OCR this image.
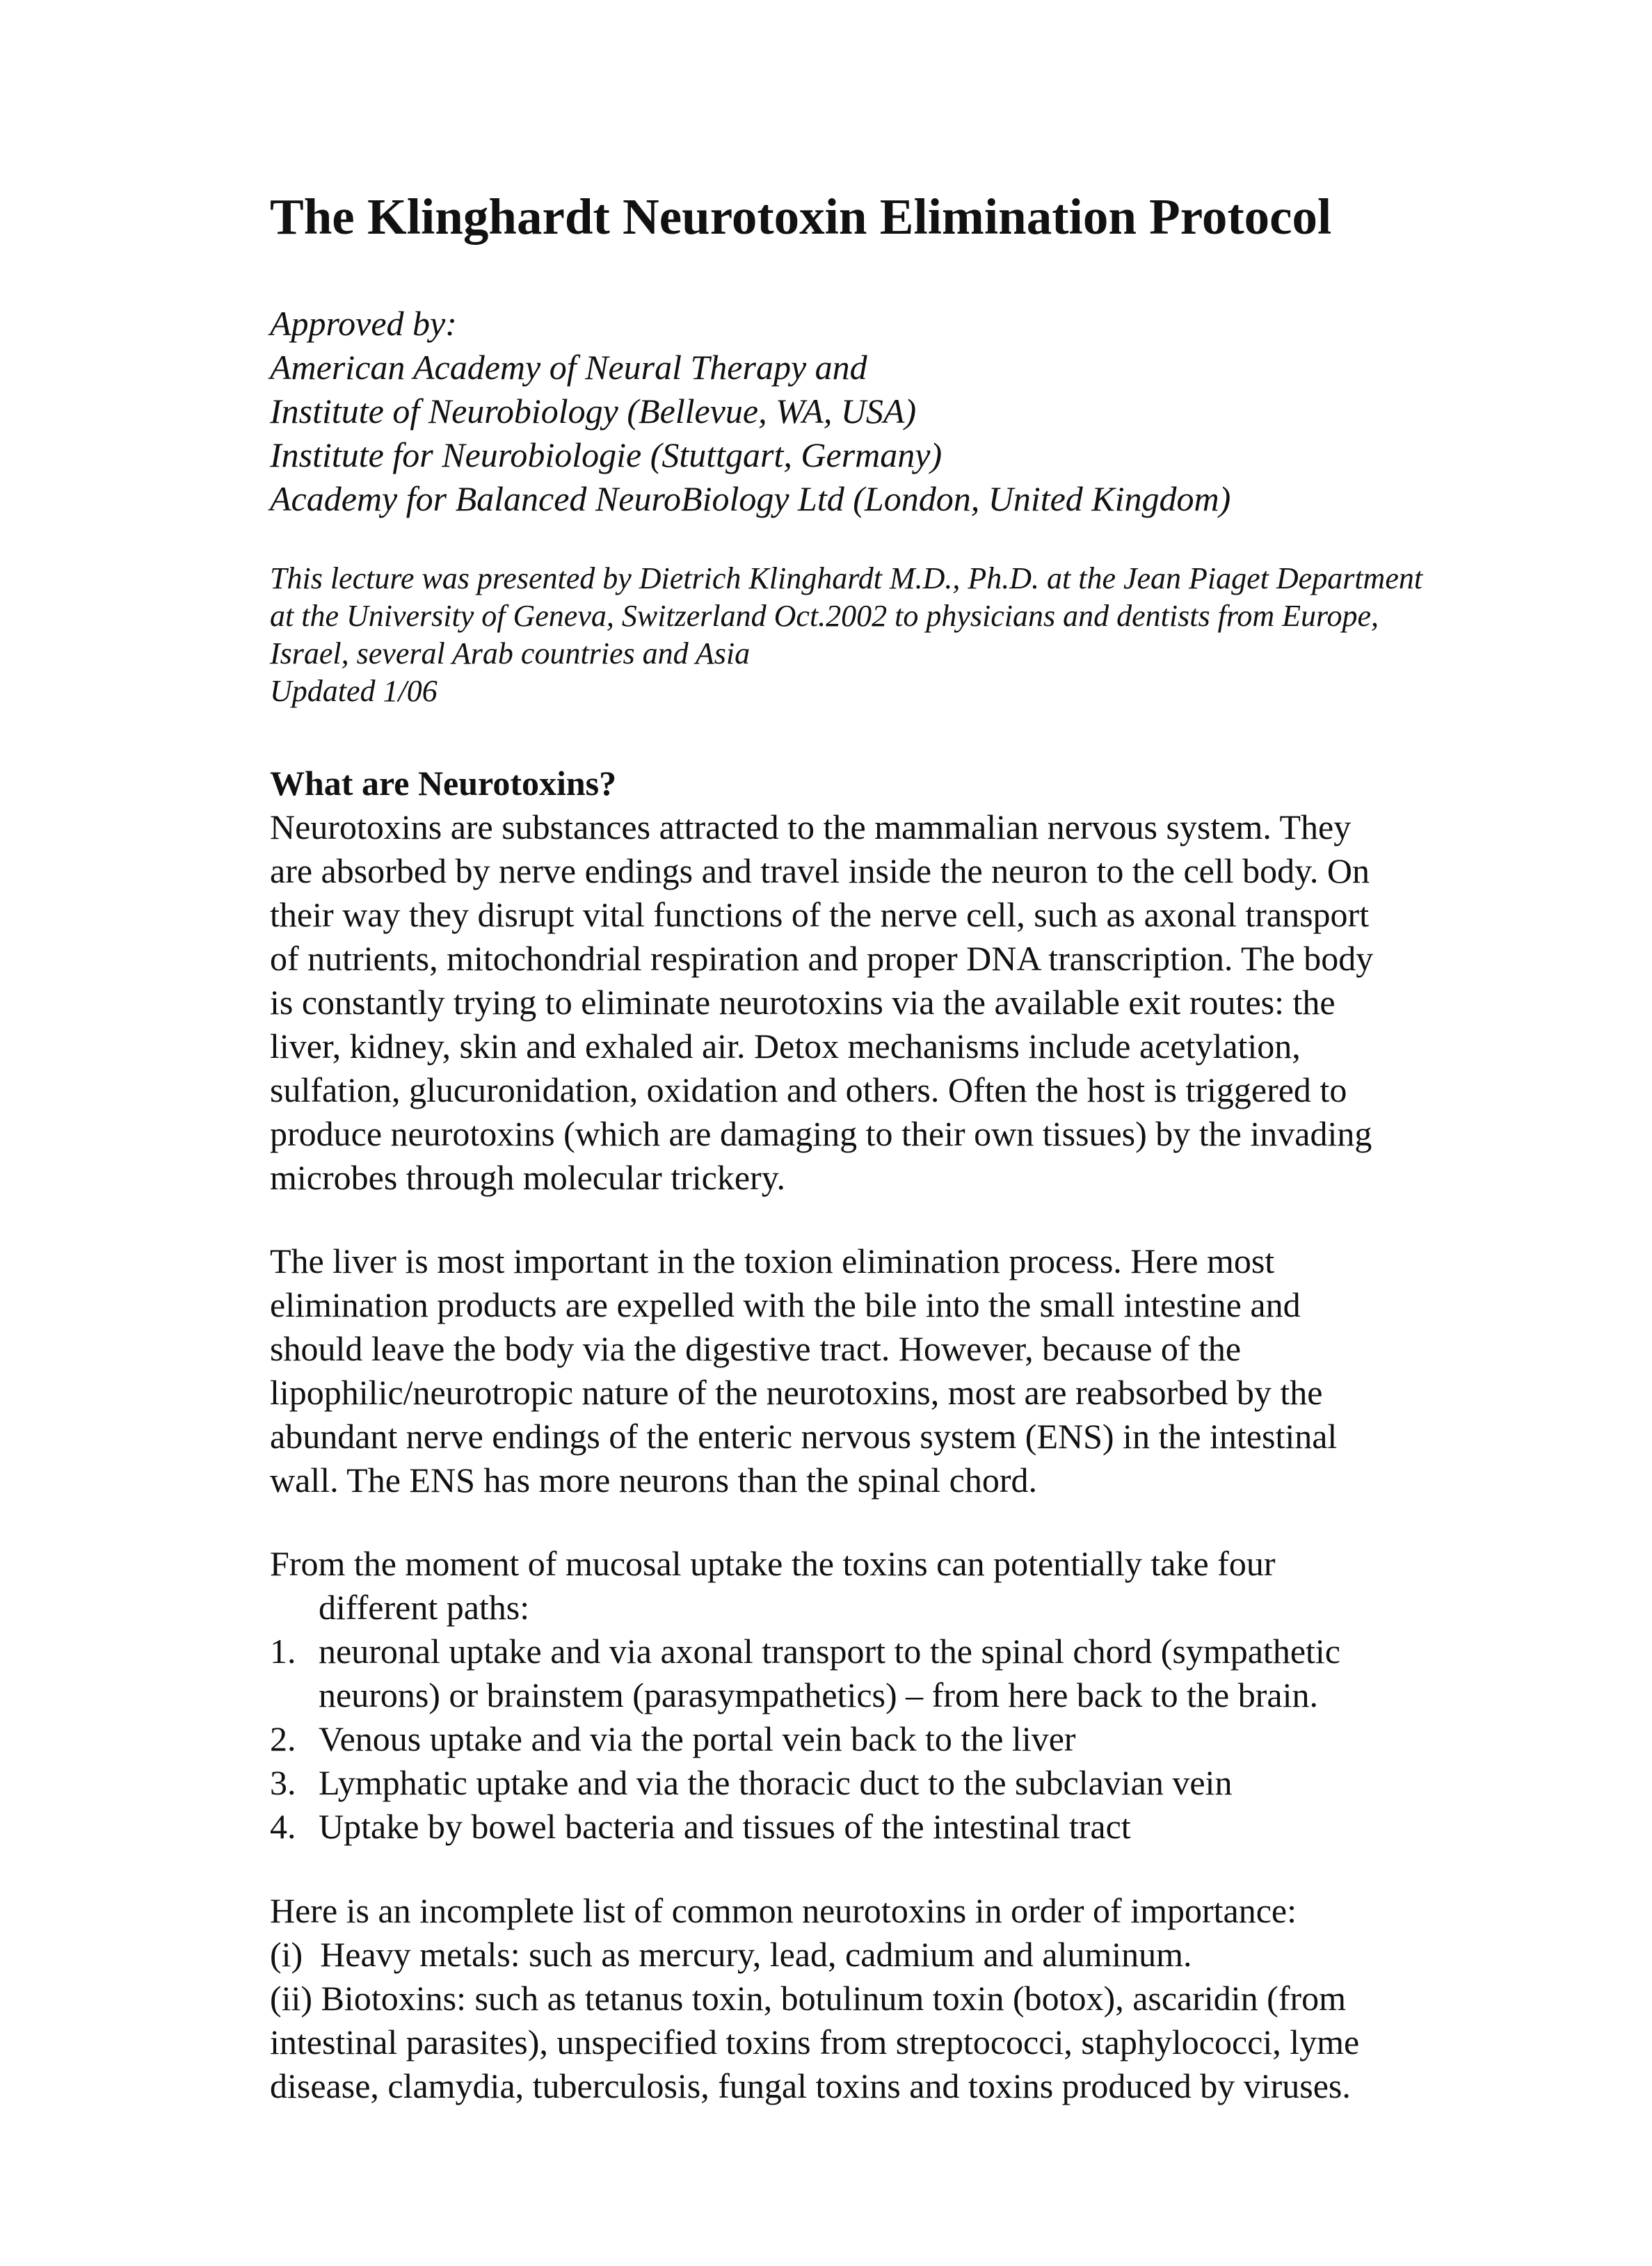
The Klinghardt Neurotoxin Elimination Protocol
Approved by:
American Academy of Neural Therapy and
Institute of Neurobiology (Bellevue, WA, USA)
Institute for Neurobiologie (Stuttgart, Germany)
Academy for Balanced NeuroBiology Ltd (London, United Kingdom)
This lecture was presented by Dietrich Klinghardt M.D., Ph.D. at the Jean Piaget Department
at the University of Geneva, Switzerland Oct.2002 to physicians and dentists from Europe,
Israel, several Arab countries and Asia
Updated 1/06
What are Neurotoxins?
Neurotoxins are substances attracted to the mammalian nervous system. They
are absorbed by nerve endings and travel inside the neuron to the cell body. On
their way they disrupt vital functions of the nerve cell, such as axonal transport
of nutrients, mitochondrial respiration and proper DNA transcription. The body
is constantly trying to eliminate neurotoxins via the available exit routes: the
liver, kidney, skin and exhaled air. Detox mechanisms include acetylation,
sulfation, glucuronidation, oxidation and others. Often the host is triggered to
produce neurotoxins (which are damaging to their own tissues) by the invading
microbes through molecular trickery.
The liver is most important in the toxion elimination process. Here most
elimination products are expelled with the bile into the small intestine and
should leave the body via the digestive tract. However, because of the
lipophilic/neurotropic nature of the neurotoxins, most are reabsorbed by the
abundant nerve endings of the enteric nervous system (ENS) in the intestinal
wall. The ENS has more neurons than the spinal chord.
From the moment of mucosal uptake the toxins can potentially take four
different paths:
1. neuronal uptake and via axonal transport to the spinal chord (sympathetic
neurons) or brainstem (parasympathetics) – from here back to the brain.
2. Venous uptake and via the portal vein back to the liver
3. Lymphatic uptake and via the thoracic duct to the subclavian vein
4. Uptake by bowel bacteria and tissues of the intestinal tract
Here is an incomplete list of common neurotoxins in order of importance:
(i)  Heavy metals: such as mercury, lead, cadmium and aluminum.
(ii) Biotoxins: such as tetanus toxin, botulinum toxin (botox), ascaridin (from
intestinal parasites), unspecified toxins from streptococci, staphylococci, lyme
disease, clamydia, tuberculosis, fungal toxins and toxins produced by viruses.
